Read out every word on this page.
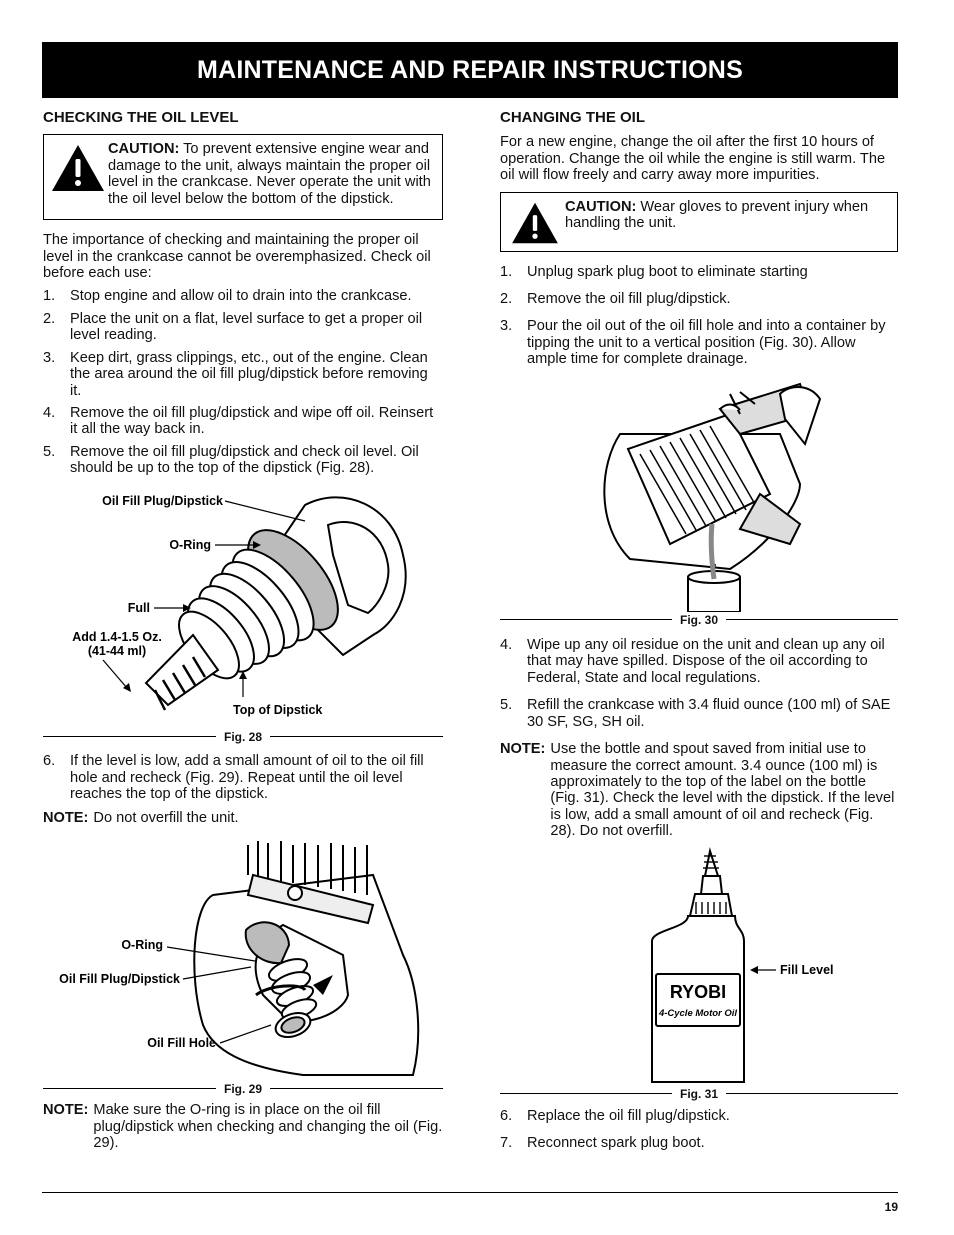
MAINTENANCE AND REPAIR INSTRUCTIONS
CHECKING THE OIL LEVEL
CAUTION: To prevent extensive engine wear and damage to the unit, always maintain the proper oil level in the crankcase. Never operate the unit with the oil level below the bottom of the dipstick.

The importance of checking and maintaining the proper oil level in the crankcase cannot be overemphasized. Check oil before each use:

1.	Stop engine and allow oil to drain into the crankcase.
2.	Place the unit on a flat, level surface to get a proper oil level reading.
3.	Keep dirt, grass clippings, etc., out of the engine. Clean the area around the oil fill plug/dipstick before removing it.
4.	Remove the oil fill plug/dipstick and wipe off oil. Reinsert it all the way back in.
5.	Remove the oil fill plug/dipstick and check oil level. Oil should be up to the top of the dipstick (Fig. 28).
Oil Fill Plug/Dipstick
O-Ring
Full
Add 1.4-1.5 Oz.
(41-44 ml)
Top of Dipstick
Fig. 28
6.	If the level is low, add a small amount of oil to the oil fill hole and recheck (Fig. 29). Repeat until the oil level reaches the top of the dipstick.
NOTE: Do not overfill the unit.
O-Ring
Oil Fill Plug/Dipstick
Oil Fill Hole
Fig. 29
NOTE: Make sure the O-ring is in place on the oil fill plug/dipstick when checking and changing the oil (Fig. 29).
CHANGING THE OIL

For a new engine, change the oil after the first 10 hours of operation. Change the oil while the engine is still warm. The oil will flow freely and carry away more impurities.

CAUTION: Wear gloves to prevent injury when handling the unit.
1.	Unplug spark plug boot to eliminate starting
2.	Remove the oil fill plug/dipstick.
3.	Pour the oil out of the oil fill hole and into a container by tipping the unit to a vertical position (Fig. 30). Allow ample time for complete drainage.
Fig. 30
4.	Wipe up any oil residue on the unit and clean up any oil that may have spilled. Dispose of the oil according to Federal, State and local regulations.
5.	Refill the crankcase with 3.4 fluid ounce (100 ml) of SAE 30 SF, SG, SH oil.
NOTE: Use the bottle and spout saved from initial use to measure the correct amount. 3.4 ounce (100 ml) is approximately to the top of the label on the bottle (Fig. 31). Check the level with the dipstick. If the level is low, add a small amount of oil and recheck (Fig. 28). Do not overfill.
RYOBI
4-Cycle Motor Oil
Fill Level
Fig. 31
6.	Replace the oil fill plug/dipstick.
7.	Reconnect spark plug boot.
19
